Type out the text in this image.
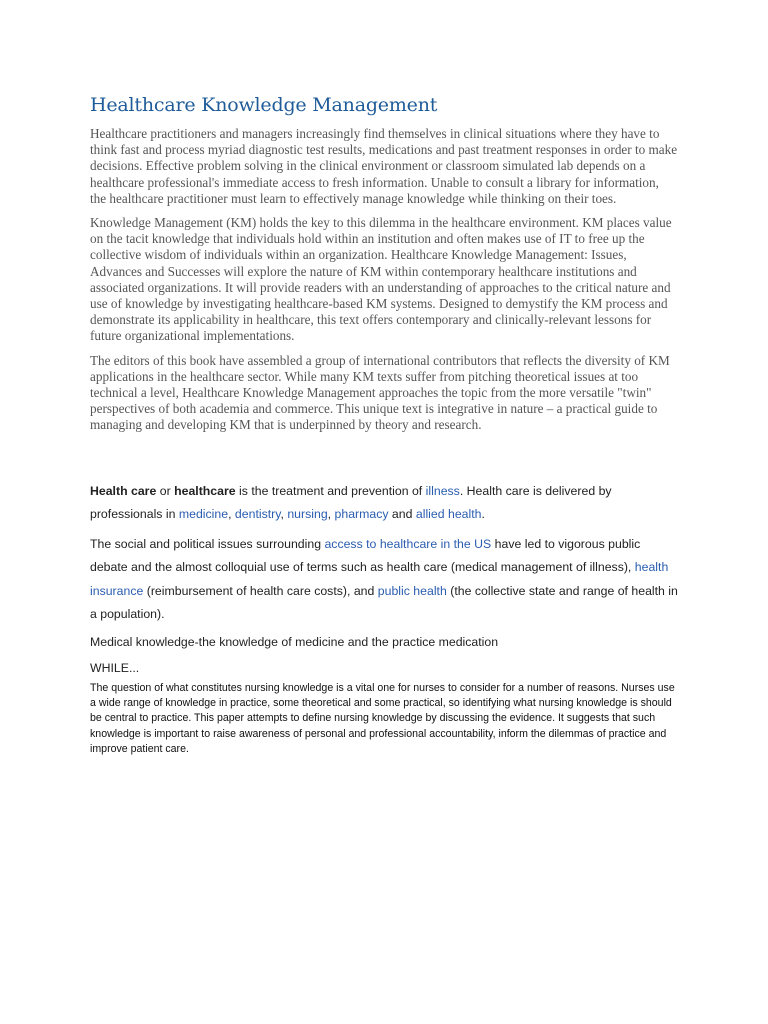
Healthcare Knowledge Management

Healthcare practitioners and managers increasingly find themselves in clinical situations where they have to think fast and process myriad diagnostic test results, medications and past treatment responses in order to make decisions. Effective problem solving in the clinical environment or classroom simulated lab depends on a healthcare professional's immediate access to fresh information. Unable to consult a library for information, the healthcare practitioner must learn to effectively manage knowledge while thinking on their toes.

Knowledge Management (KM) holds the key to this dilemma in the healthcare environment. KM places value on the tacit knowledge that individuals hold within an institution and often makes use of IT to free up the collective wisdom of individuals within an organization. Healthcare Knowledge Management: Issues, Advances and Successes will explore the nature of KM within contemporary healthcare institutions and associated organizations. It will provide readers with an understanding of approaches to the critical nature and use of knowledge by investigating healthcare-based KM systems. Designed to demystify the KM process and demonstrate its applicability in healthcare, this text offers contemporary and clinically-relevant lessons for future organizational implementations.

The editors of this book have assembled a group of international contributors that reflects the diversity of KM applications in the healthcare sector. While many KM texts suffer from pitching theoretical issues at too technical a level, Healthcare Knowledge Management approaches the topic from the more versatile "twin" perspectives of both academia and commerce. This unique text is integrative in nature – a practical guide to managing and developing KM that is underpinned by theory and research.

Health care or healthcare is the treatment and prevention of illness. Health care is delivered by professionals in medicine, dentistry, nursing, pharmacy and allied health.

The social and political issues surrounding access to healthcare in the US have led to vigorous public debate and the almost colloquial use of terms such as health care (medical management of illness), health insurance (reimbursement of health care costs), and public health (the collective state and range of health in a population).

Medical knowledge-the knowledge of medicine and the practice medication

WHILE...

The question of what constitutes nursing knowledge is a vital one for nurses to consider for a number of reasons. Nurses use a wide range of knowledge in practice, some theoretical and some practical, so identifying what nursing knowledge is should be central to practice. This paper attempts to define nursing knowledge by discussing the evidence. It suggests that such knowledge is important to raise awareness of personal and professional accountability, inform the dilemmas of practice and improve patient care.
